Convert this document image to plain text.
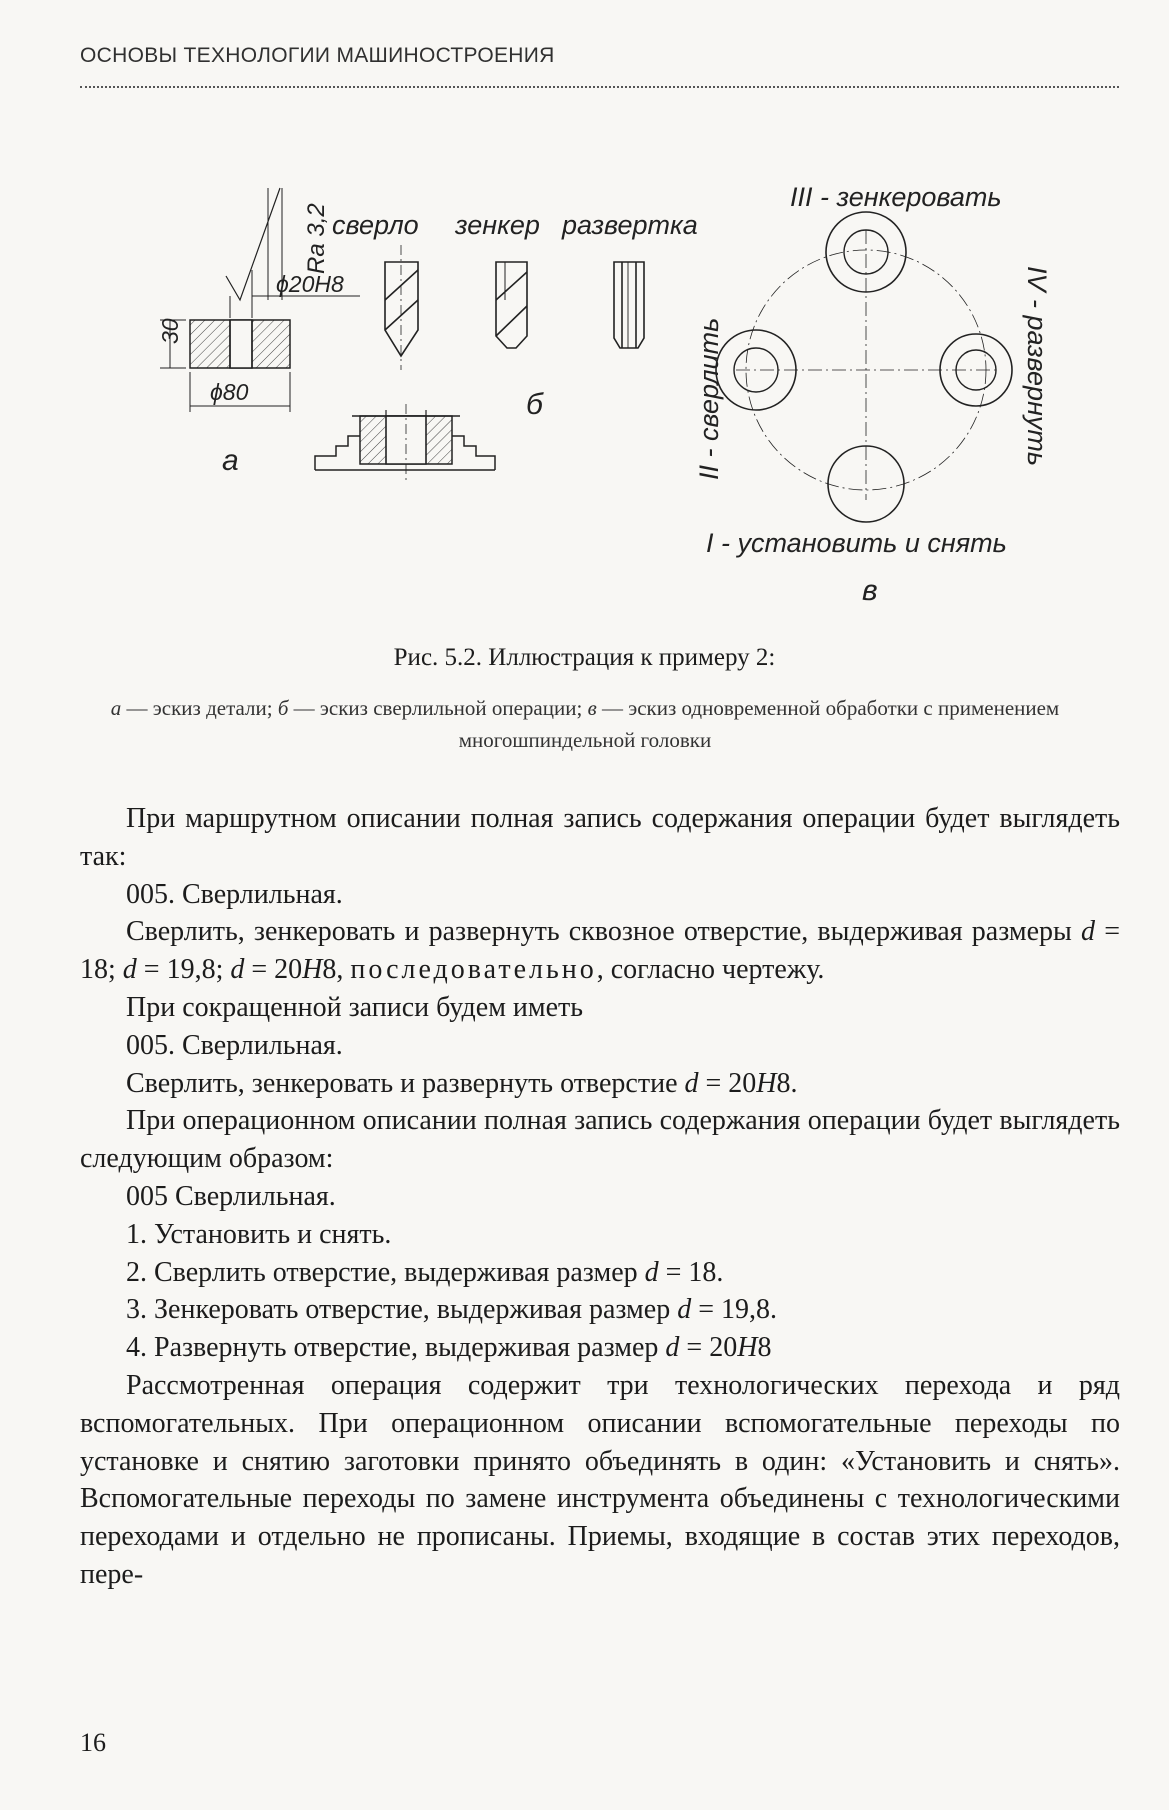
ОСНОВЫ ТЕХНОЛОГИИ МАШИНОСТРОЕНИЯ
Ra 3,2
ϕ20H8
30
ϕ80
а
сверло зенкер развертка
б
III - зенкеровать
II - сверлить	IV - развернуть
I - установить и снять
в
Рис. 5.2. Иллюстрация к примеру 2:
а — эскиз детали; б — эскиз сверлильной операции; в — эскиз одновременной обработки с применением многошпиндельной головки

При маршрутном описании полная запись содержания операции будет выглядеть так:

005. Сверлильная.

Сверлить, зенкеровать и развернуть сквозное отверстие, выдерживая размеры d = 18; d = 19,8; d = 20H8, последовательно, согласно чертежу.

При сокращенной записи будем иметь

005. Сверлильная.

Сверлить, зенкеровать и развернуть отверстие d = 20H8.

При операционном описании полная запись содержания операции будет выглядеть следующим образом:

005 Сверлильная.

1. Установить и снять.

2. Сверлить отверстие, выдерживая размер d = 18.

3. Зенкеровать отверстие, выдерживая размер d = 19,8.

4. Развернуть отверстие, выдерживая размер d = 20H8

Рассмотренная операция содержит три технологических перехода и ряд вспомогательных. При операционном описании вспомогательные переходы по установке и снятию заготовки принято объединять в один: «Установить и снять». Вспомогательные переходы по замене инструмента объединены с технологическими переходами и отдельно не прописаны. Приемы, входящие в состав этих переходов, пере-

16
